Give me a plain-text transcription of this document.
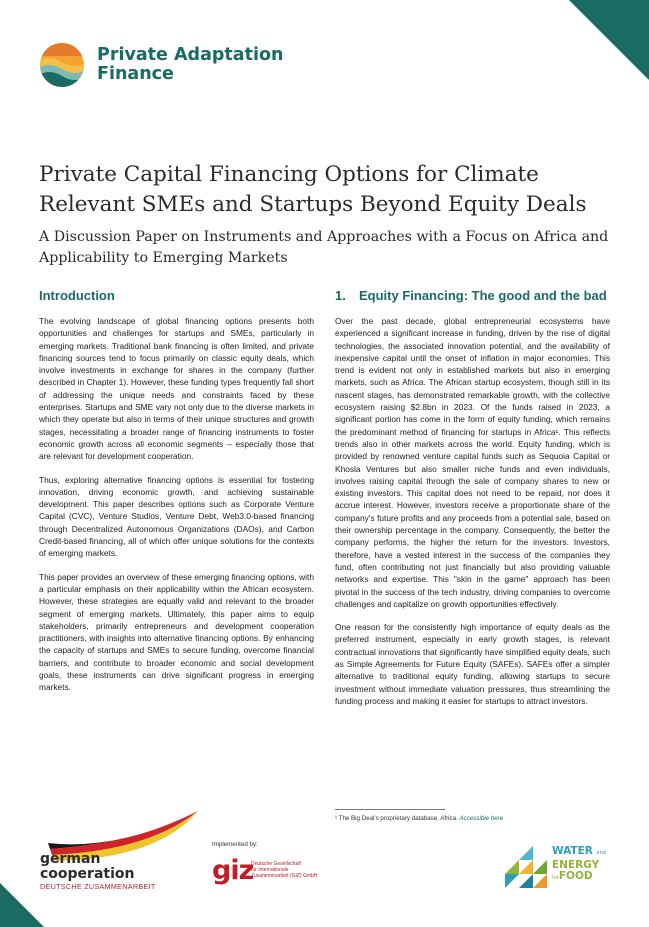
Private Adaptation
Finance
Private Capital Financing Options for Climate Relevant SMEs and Startups Beyond Equity Deals

A Discussion Paper on Instruments and Approaches with a Focus on Africa and Applicability to Emerging Markets

Introduction

The evolving landscape of global financing options presents both opportunities and challenges for startups and SMEs, particularly in emerging markets. Traditional bank financing is often limited, and private financing sources tend to focus primarily on classic equity deals, which involve investments in exchange for shares in the company (further described in Chapter 1). However, these funding types frequently fall short of addressing the unique needs and constraints faced by these enterprises. Startups and SME vary not only due to the diverse markets in which they operate but also in terms of their unique structures and growth stages, necessitating a broader range of financing instruments to foster economic growth across all economic segments – especially those that are relevant for development cooperation.

Thus, exploring alternative financing options is essential for fostering innovation, driving economic growth, and achieving sustainable development. This paper describes options such as Corporate Venture Capital (CVC), Venture Studios, Venture Debt, Web3.0-based financing through Decentralized Autonomous Organizations (DAOs), and Carbon Credit-based financing, all of which offer unique solutions for the contexts of emerging markets.

This paper provides an overview of these emerging financing options, with a particular emphasis on their applicability within the African ecosystem. However, these strategies are equally valid and relevant to the broader segment of emerging markets. Ultimately, this paper aims to equip stakeholders, primarily entrepreneurs and development cooperation practitioners, with insights into alternative financing options. By enhancing the capacity of startups and SMEs to secure funding, overcome financial barriers, and contribute to broader economic and social development goals, these instruments can drive significant progress in emerging markets.

1. Equity Financing: The good and the bad

Over the past decade, global entrepreneurial ecosystems have experienced a significant increase in funding, driven by the rise of digital technologies, the associated innovation potential, and the availability of inexpensive capital until the onset of inflation in major economies. This trend is evident not only in established markets but also in emerging markets, such as Africa. The African startup ecosystem, though still in its nascent stages, has demonstrated remarkable growth, with the collective ecosystem raising $2.8bn in 2023. Of the funds raised in 2023, a significant portion has come in the form of equity funding, which remains the predominant method of financing for startups in Africa¹. This reflects trends also in other markets across the world. Equity funding, which is provided by renowned venture capital funds such as Sequoia Capital or Khosla Ventures but also smaller niche funds and even individuals, involves raising capital through the sale of company shares to new or existing investors. This capital does not need to be repaid, nor does it accrue interest. However, investors receive a proportionate share of the company's future profits and any proceeds from a potential sale, based on their ownership percentage in the company. Consequently, the better the company performs, the higher the return for the investors. Investors, therefore, have a vested interest in the success of the companies they fund, often contributing not just financially but also providing valuable networks and expertise. This "skin in the game" approach has been pivotal in the success of the tech industry, driving companies to overcome challenges and capitalize on growth opportunities effectively.

One reason for the consistently high importance of equity deals as the preferred instrument, especially in early growth stages, is relevant contractual innovations that significantly have simplified equity deals, such as Simple Agreements for Future Equity (SAFEs). SAFEs offer a simpler alternative to traditional equity funding, allowing startups to secure investment without immediate valuation pressures, thus streamlining the funding process and making it easier for startups to attract investors.

¹ The Big Deal's proprietary database, Africa. Accessible here
german
cooperation
DEUTSCHE ZUSAMMENARBEIT
Implemented by:
giz
Deutsche Gesellschaft
für Internationale
Zusammenarbeit (GIZ) GmbH
WATER and
ENERGY
forFOOD
